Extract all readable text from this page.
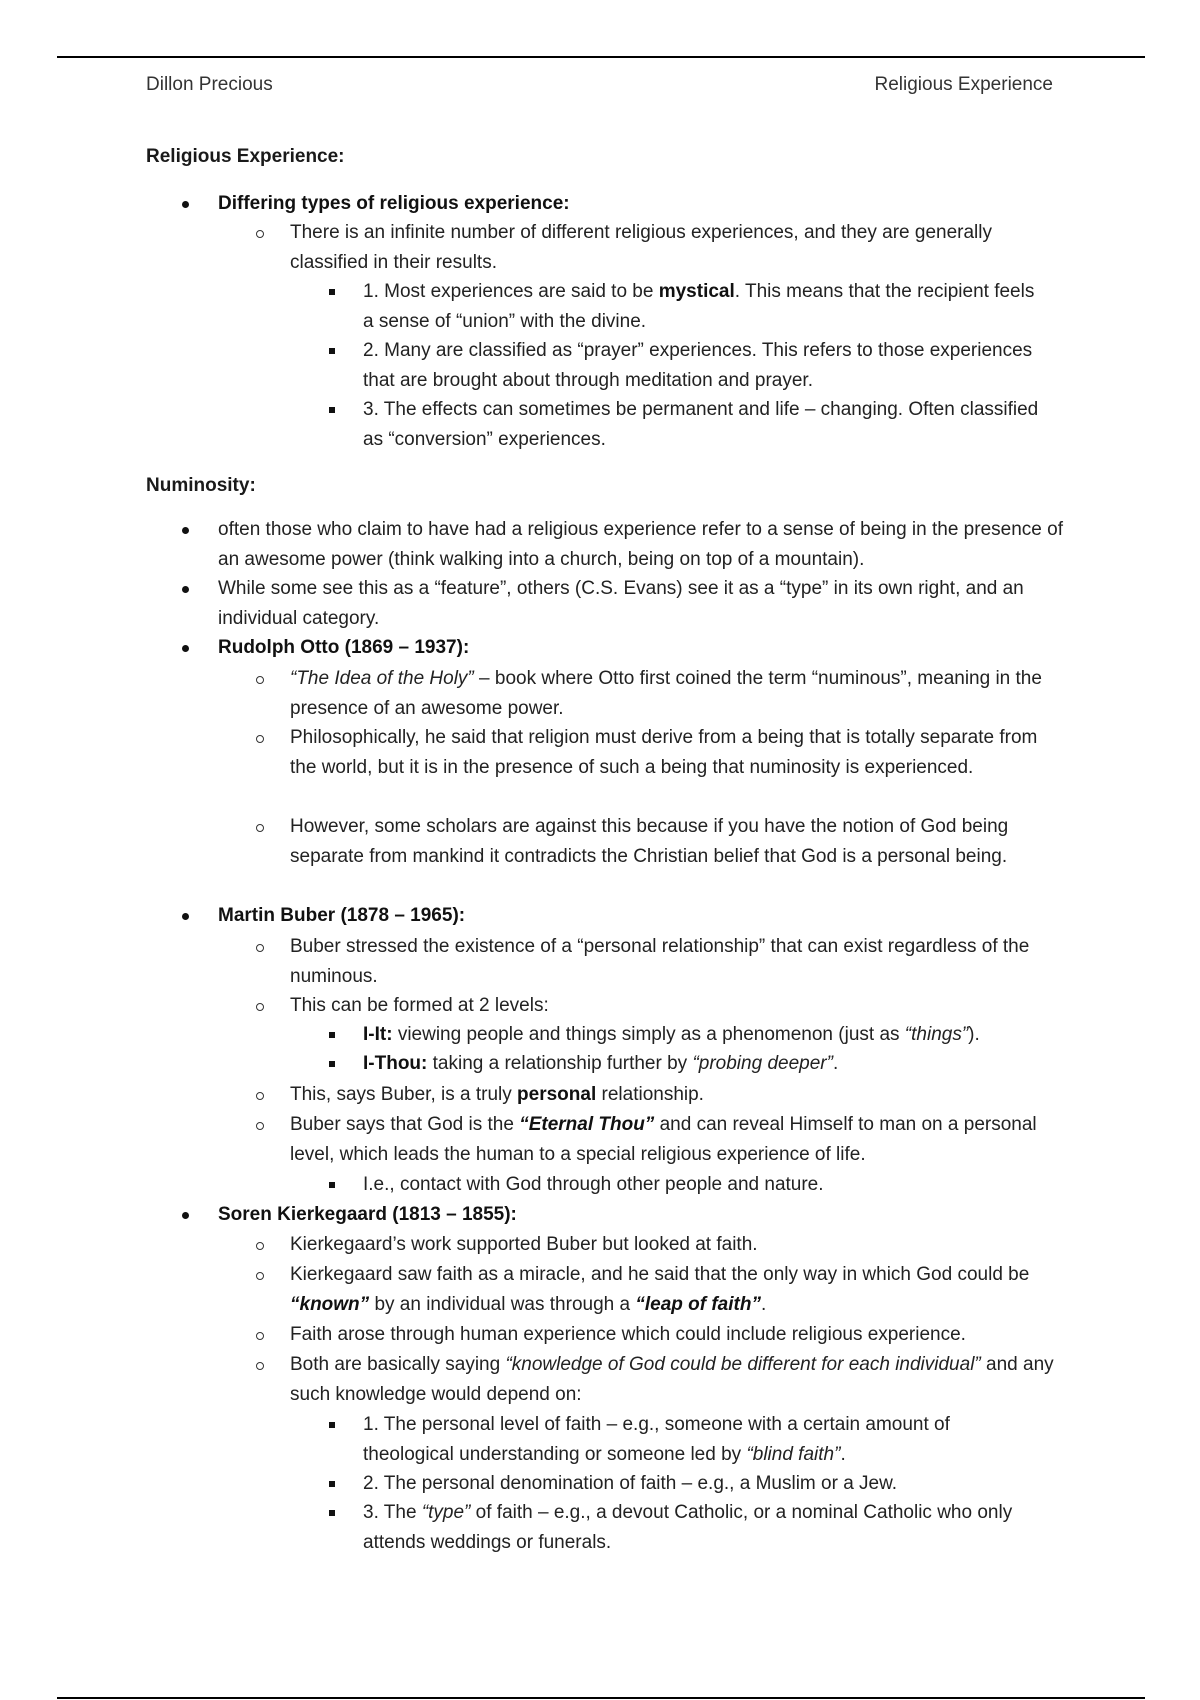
Dillon Precious	Religious Experience
Religious Experience:
Differing types of religious experience:
There is an infinite number of different religious experiences, and they are generally classified in their results.
1. Most experiences are said to be mystical. This means that the recipient feels a sense of “union” with the divine.
2. Many are classified as “prayer” experiences. This refers to those experiences that are brought about through meditation and prayer.
3. The effects can sometimes be permanent and life – changing. Often classified as “conversion” experiences.
Numinosity:
often those who claim to have had a religious experience refer to a sense of being in the presence of an awesome power (think walking into a church, being on top of a mountain).
While some see this as a “feature”, others (C.S. Evans) see it as a “type” in its own right, and an individual category.
Rudolph Otto (1869 – 1937):
“The Idea of the Holy” – book where Otto first coined the term “numinous”, meaning in the presence of an awesome power.
Philosophically, he said that religion must derive from a being that is totally separate from the world, but it is in the presence of such a being that numinosity is experienced.
However, some scholars are against this because if you have the notion of God being separate from mankind it contradicts the Christian belief that God is a personal being.
Martin Buber (1878 – 1965):
Buber stressed the existence of a “personal relationship” that can exist regardless of the numinous.
This can be formed at 2 levels:
I-It: viewing people and things simply as a phenomenon (just as “things”).
I-Thou: taking a relationship further by “probing deeper”.
This, says Buber, is a truly personal relationship.
Buber says that God is the “Eternal Thou” and can reveal Himself to man on a personal level, which leads the human to a special religious experience of life.
I.e., contact with God through other people and nature.
Soren Kierkegaard (1813 – 1855):
Kierkegaard’s work supported Buber but looked at faith.
Kierkegaard saw faith as a miracle, and he said that the only way in which God could be “known” by an individual was through a “leap of faith”.
Faith arose through human experience which could include religious experience.
Both are basically saying “knowledge of God could be different for each individual” and any such knowledge would depend on:
1. The personal level of faith – e.g., someone with a certain amount of theological understanding or someone led by “blind faith”.
2. The personal denomination of faith – e.g., a Muslim or a Jew.
3. The “type” of faith – e.g., a devout Catholic, or a nominal Catholic who only attends weddings or funerals.
